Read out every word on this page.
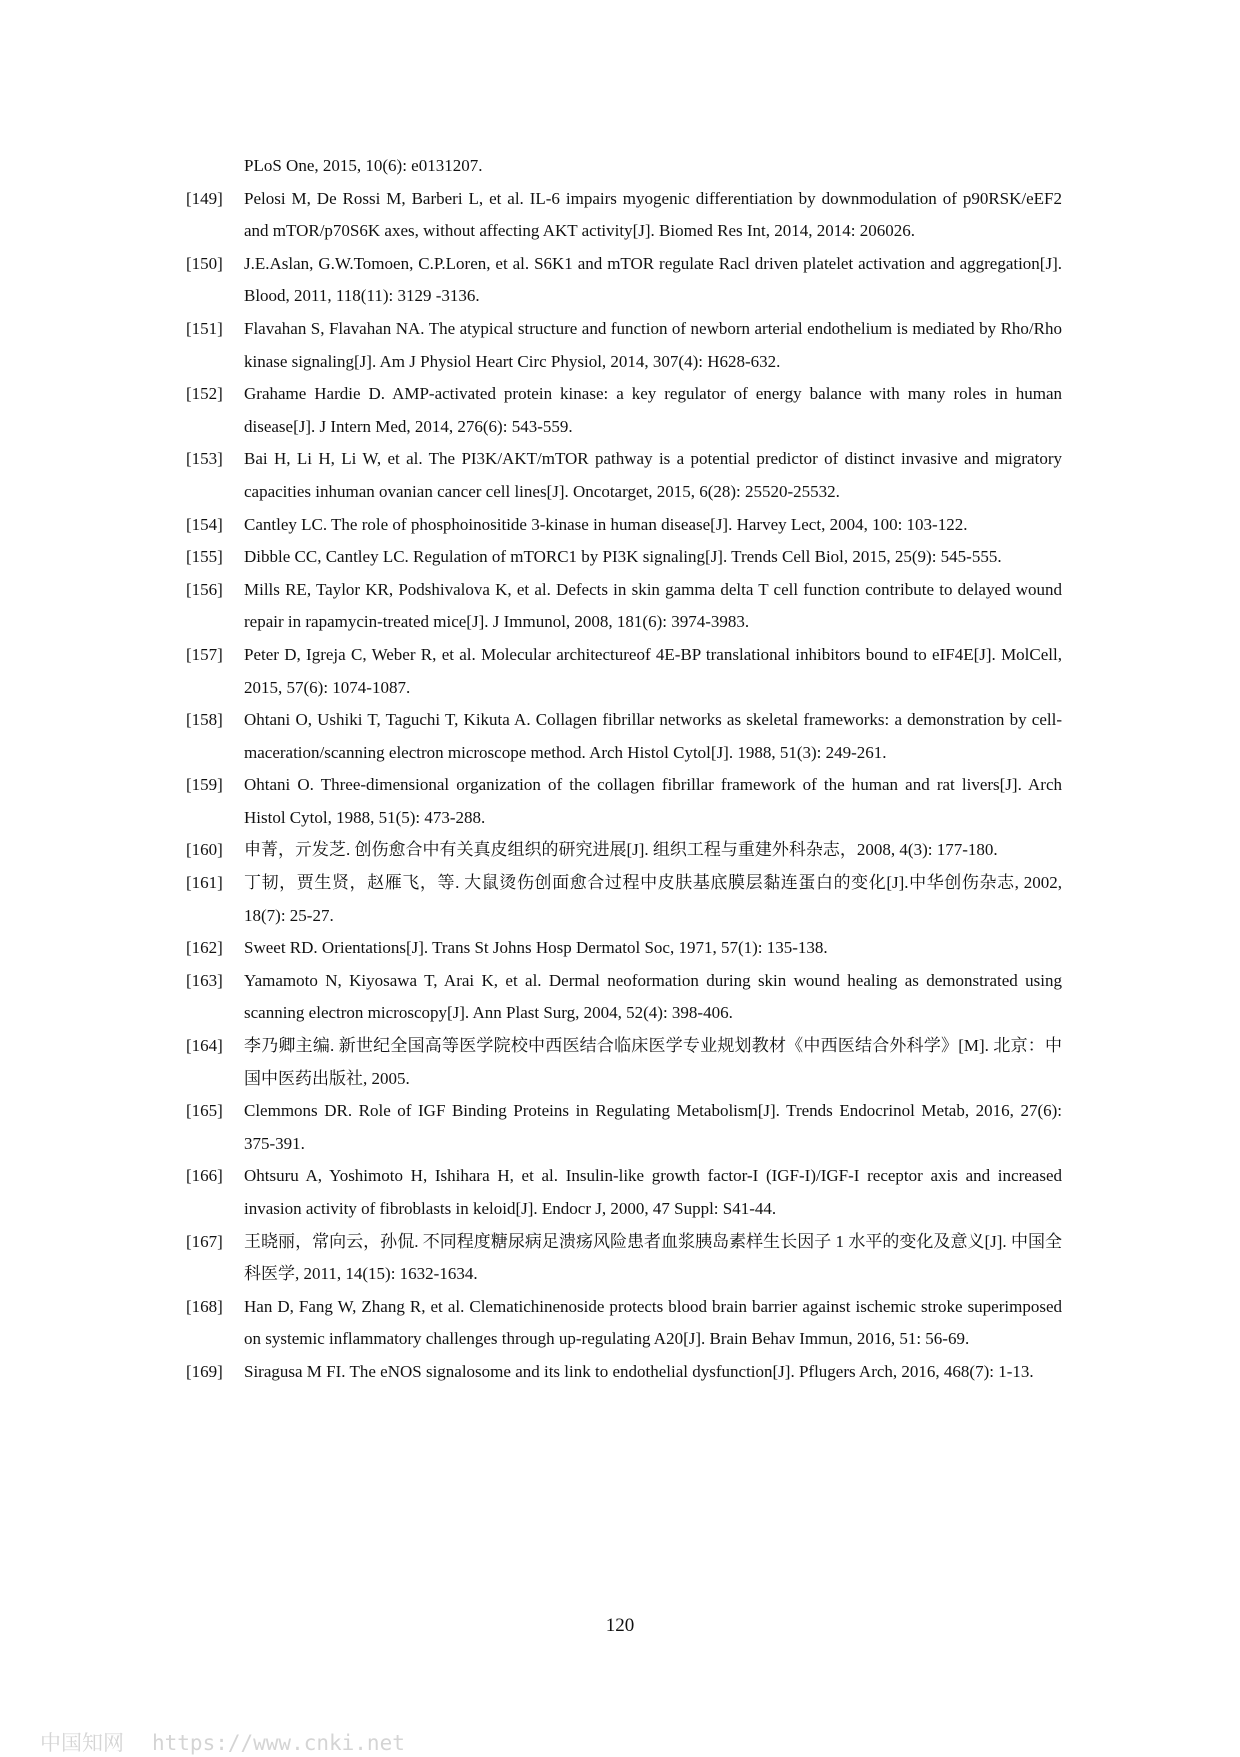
PLoS One, 2015, 10(6): e0131207.
[149] Pelosi M, De Rossi M, Barberi L, et al. IL-6 impairs myogenic differentiation by downmodulation of p90RSK/eEF2 and mTOR/p70S6K axes, without affecting AKT activity[J]. Biomed Res Int, 2014, 2014: 206026.
[150] J.E.Aslan, G.W.Tomoen, C.P.Loren, et al. S6K1 and mTOR regulate Racl driven platelet activation and aggregation[J]. Blood, 2011, 118(11): 3129 -3136.
[151] Flavahan S, Flavahan NA. The atypical structure and function of newborn arterial endothelium is mediated by Rho/Rho kinase signaling[J]. Am J Physiol Heart Circ Physiol, 2014, 307(4): H628-632.
[152] Grahame Hardie D. AMP-activated protein kinase: a key regulator of energy balance with many roles in human disease[J]. J Intern Med, 2014, 276(6): 543-559.
[153] Bai H, Li H, Li W, et al. The PI3K/AKT/mTOR pathway is a potential predictor of distinct invasive and migratory capacities inhuman ovanian cancer cell lines[J]. Oncotarget, 2015, 6(28): 25520-25532.
[154] Cantley LC. The role of phosphoinositide 3-kinase in human disease[J]. Harvey Lect, 2004, 100: 103-122.
[155] Dibble CC, Cantley LC. Regulation of mTORC1 by PI3K signaling[J]. Trends Cell Biol, 2015, 25(9): 545-555.
[156] Mills RE, Taylor KR, Podshivalova K, et al. Defects in skin gamma delta T cell function contribute to delayed wound repair in rapamycin-treated mice[J]. J Immunol, 2008, 181(6): 3974-3983.
[157] Peter D, Igreja C, Weber R, et al. Molecular architectureof 4E-BP translational inhibitors bound to eIF4E[J]. MolCell, 2015, 57(6): 1074-1087.
[158] Ohtani O, Ushiki T, Taguchi T, Kikuta A. Collagen fibrillar networks as skeletal frameworks: a demonstration by cell-maceration/scanning electron microscope method. Arch Histol Cytol[J]. 1988, 51(3): 249-261.
[159] Ohtani O. Three-dimensional organization of the collagen fibrillar framework of the human and rat livers[J]. Arch Histol Cytol, 1988, 51(5): 473-288.
[160] 申菁，亓发芝. 创伤愈合中有关真皮组织的研究进展[J]. 组织工程与重建外科杂志，2008, 4(3): 177-180.
[161] 丁韧，贾生贤，赵雁飞，等. 大鼠烫伤创面愈合过程中皮肤基底膜层黏连蛋白的变化[J].中华创伤杂志, 2002, 18(7): 25-27.
[162] Sweet RD. Orientations[J]. Trans St Johns Hosp Dermatol Soc, 1971, 57(1): 135-138.
[163] Yamamoto N, Kiyosawa T, Arai K, et al. Dermal neoformation during skin wound healing as demonstrated using scanning electron microscopy[J]. Ann Plast Surg, 2004, 52(4): 398-406.
[164] 李乃卿主编. 新世纪全国高等医学院校中西医结合临床医学专业规划教材《中西医结合外科学》[M]. 北京：中国中医药出版社, 2005.
[165] Clemmons DR. Role of IGF Binding Proteins in Regulating Metabolism[J]. Trends Endocrinol Metab, 2016, 27(6): 375-391.
[166] Ohtsuru A, Yoshimoto H, Ishihara H, et al. Insulin-like growth factor-I (IGF-I)/IGF-I receptor axis and increased invasion activity of fibroblasts in keloid[J]. Endocr J, 2000, 47 Suppl: S41-44.
[167] 王晓丽，常向云，孙侃. 不同程度糖尿病足溃疡风险患者血浆胰岛素样生长因子 1 水平的变化及意义[J]. 中国全科医学, 2011, 14(15): 1632-1634.
[168] Han D, Fang W, Zhang R, et al. Clematichinenoside protects blood brain barrier against ischemic stroke superimposed on systemic inflammatory challenges through up-regulating A20[J]. Brain Behav Immun, 2016, 51: 56-69.
[169] Siragusa M FI. The eNOS signalosome and its link to endothelial dysfunction[J]. Pflugers Arch, 2016, 468(7): 1-13.
120
中国知网 https://www.cnki.net
